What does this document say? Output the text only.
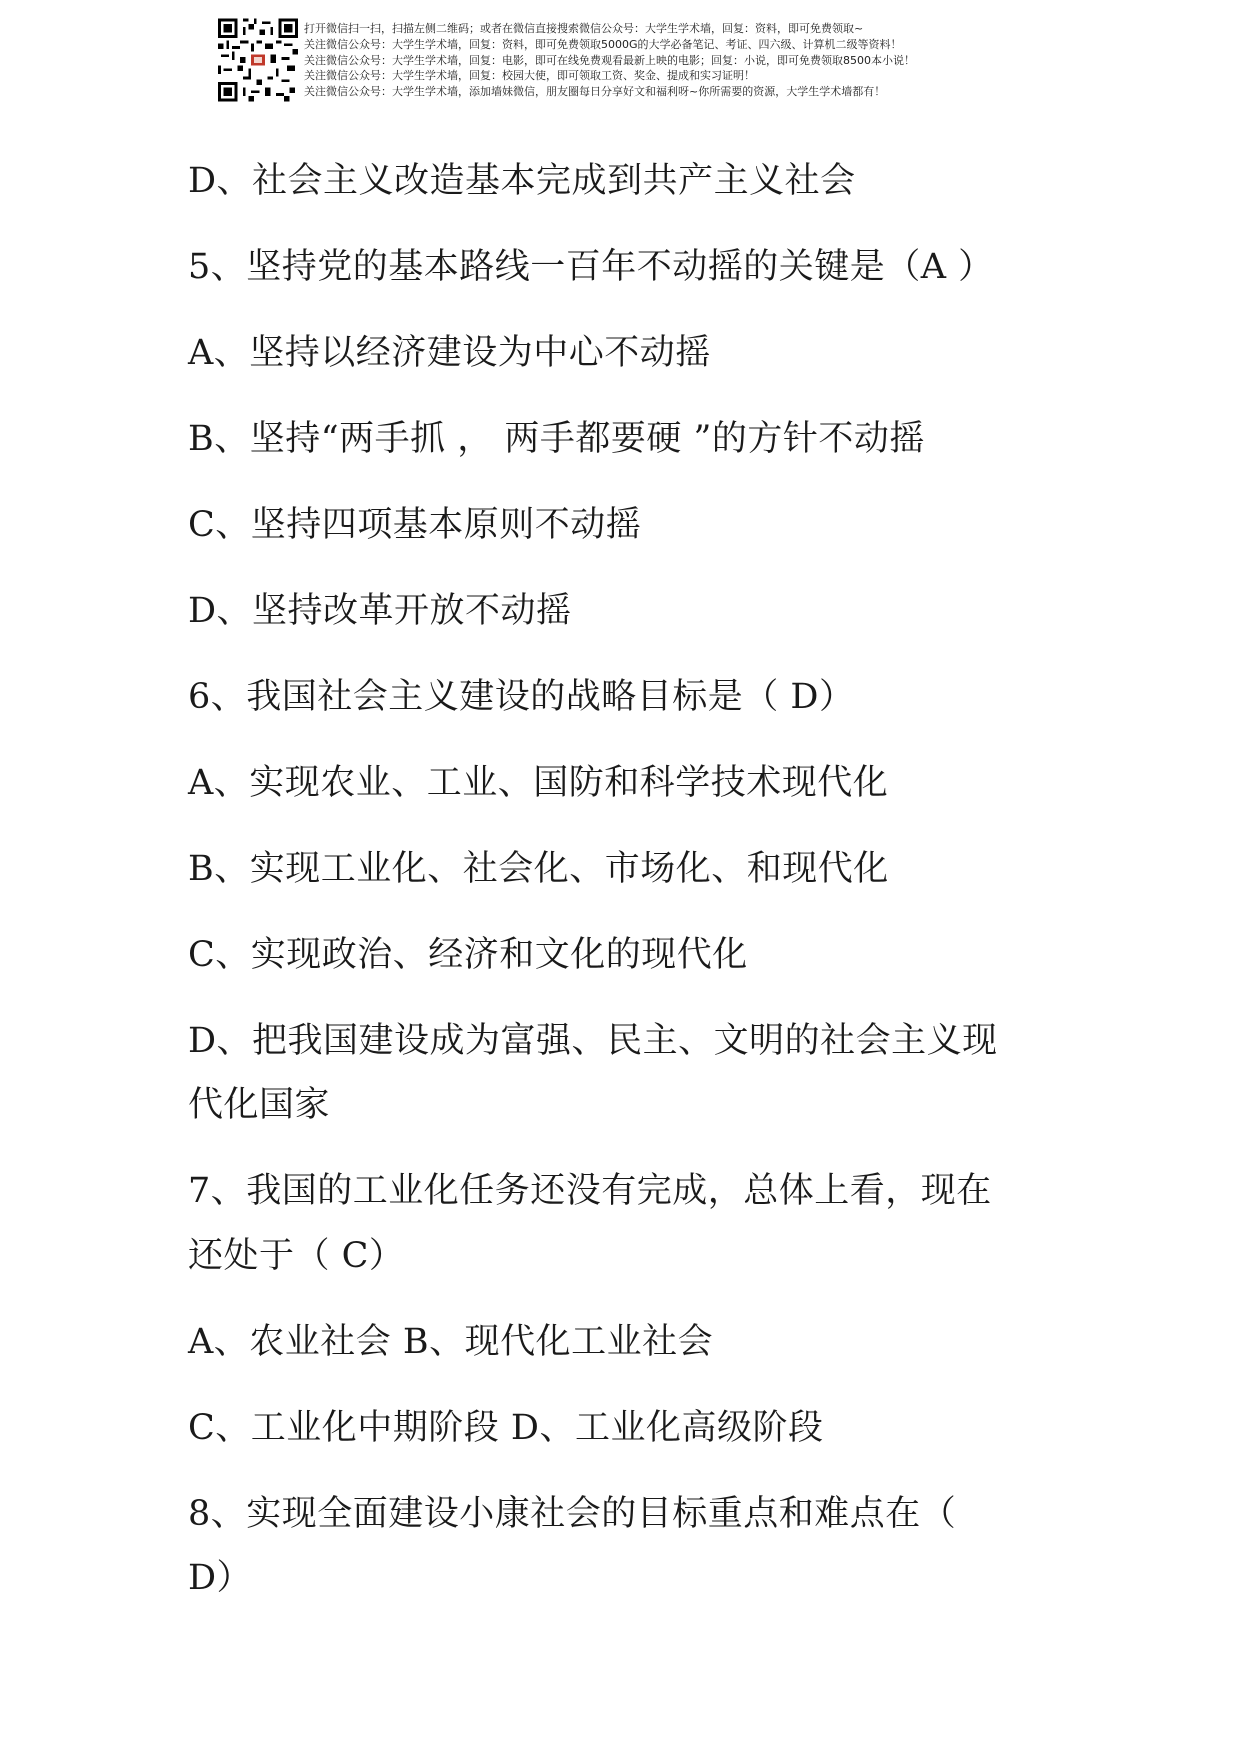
打开微信扫一扫，扫描左侧二维码；或者在微信直接搜索微信公众号：大学生学术墙，回复：资料，即可免费领取~
关注微信公众号：大学生学术墙，回复：资料，即可免费领取5000G的大学必备笔记、考证、四六级、计算机二级等资料！
关注微信公众号：大学生学术墙，回复：电影，即可在线免费观看最新上映的电影；回复：小说，即可免费领取8500本小说！
关注微信公众号：大学生学术墙，回复：校园大使，即可领取工资、奖金、提成和实习证明！
关注微信公众号：大学生学术墙，添加墙妹微信，朋友圈每日分享好文和福利呀~你所需要的资源，大学生学术墙都有！
D、社会主义改造基本完成到共产主义社会
5、坚持党的基本路线一百年不动摇的关键是（A ）
A、坚持以经济建设为中心不动摇
B、坚持“两手抓 ， 两手都要硬 ”的方针不动摇
C、坚持四项基本原则不动摇
D、坚持改革开放不动摇
6、我国社会主义建设的战略目标是（ D）
A、实现农业、工业、国防和科学技术现代化
B、实现工业化、社会化、市场化、和现代化
C、实现政治、经济和文化的现代化
D、把我国建设成为富强、民主、文明的社会主义现
代化国家
7、我国的工业化任务还没有完成，总体上看，现在
还处于（ C）
A、农业社会 B、现代化工业社会
C、工业化中期阶段 D、工业化高级阶段
8、实现全面建设小康社会的目标重点和难点在（
D）
